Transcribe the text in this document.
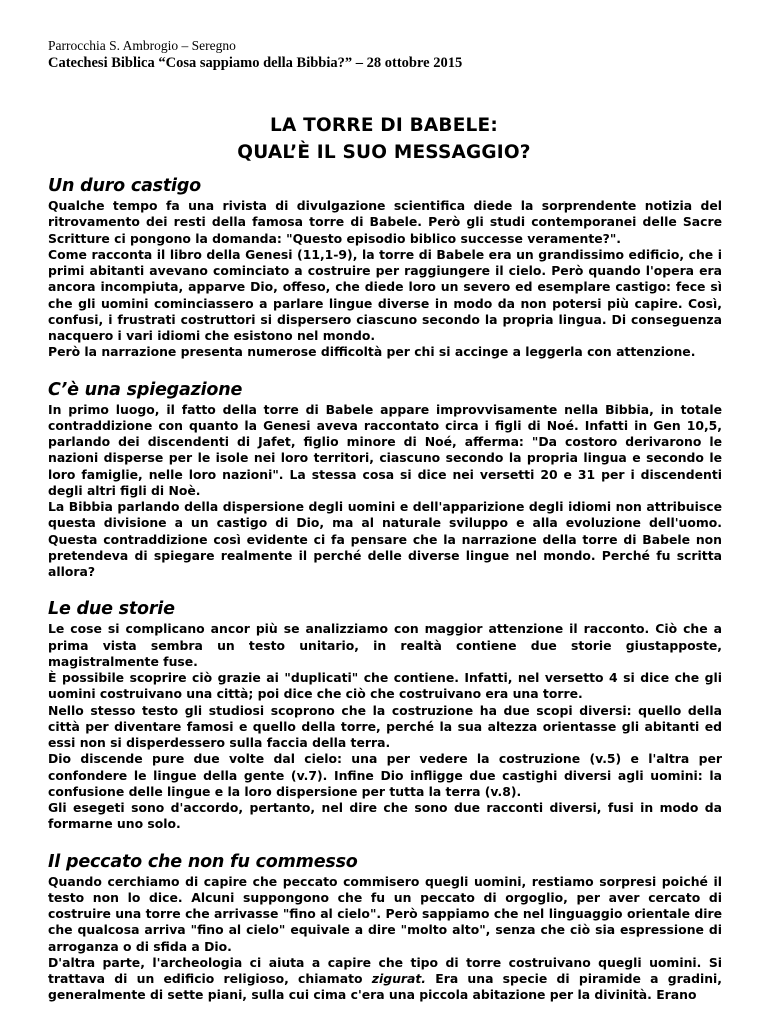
Parrocchia S. Ambrogio – Seregno
Catechesi Biblica “Cosa sappiamo della Bibbia?” – 28 ottobre 2015
LA TORRE DI BABELE:
QUAL’È IL SUO MESSAGGIO?
Un duro castigo

Qualche tempo fa una rivista di divulgazione scientifica diede la sorprendente notizia del ritrovamento dei resti della famosa torre di Babele. Però gli studi contemporanei delle Sacre Scritture ci pongono la domanda: "Questo episodio biblico successe veramente?".

Come racconta il libro della Genesi (11,1-9), la torre di Babele era un grandissimo edificio, che i primi abitanti avevano cominciato a costruire per raggiungere il cielo. Però quando l'opera era ancora incompiuta, apparve Dio, offeso, che diede loro un severo ed esemplare castigo: fece sì che gli uomini cominciassero a parlare lingue diverse in modo da non potersi più capire. Così, confusi, i frustrati costruttori si dispersero ciascuno secondo la propria lingua. Di conseguenza nacquero i vari idiomi che esistono nel mondo.

Però la narrazione presenta numerose difficoltà per chi si accinge a leggerla con attenzione.

C’è una spiegazione

In primo luogo, il fatto della torre di Babele appare improvvisamente nella Bibbia, in totale contraddizione con quanto la Genesi aveva raccontato circa i figli di Noé. Infatti in Gen 10,5, parlando dei discendenti di Jafet, figlio minore di Noé, afferma: "Da costoro derivarono le nazioni disperse per le isole nei loro territori, ciascuno secondo la propria lingua e secondo le loro famiglie, nelle loro nazioni". La stessa cosa si dice nei versetti 20 e 31 per i discendenti degli altri figli di Noè.

La Bibbia parlando della dispersione degli uomini e dell'apparizione degli idiomi non attribuisce questa divisione a un castigo di Dio, ma al naturale sviluppo e alla evoluzione dell'uomo. Questa contraddizione così evidente ci fa pensare che la narrazione della torre di Babele non pretendeva di spiegare realmente il perché delle diverse lingue nel mondo. Perché fu scritta allora?

Le due storie

Le cose si complicano ancor più se analizziamo con maggior attenzione il racconto. Ciò che a prima vista sembra un testo unitario, in realtà contiene due storie giustapposte, magistralmente fuse.

È possibile scoprire ciò grazie ai "duplicati" che contiene. Infatti, nel versetto 4 si dice che gli uomini costruivano una città; poi dice che ciò che costruivano era una torre.

Nello stesso testo gli studiosi scoprono che la costruzione ha due scopi diversi: quello della città per diventare famosi e quello della torre, perché la sua altezza orientasse gli abitanti ed essi non si disperdessero sulla faccia della terra.

Dio discende pure due volte dal cielo: una per vedere la costruzione (v.5) e l'altra per confondere le lingue della gente (v.7). Infine Dio infligge due castighi diversi agli uomini: la confusione delle lingue e la loro dispersione per tutta la terra (v.8).

Gli esegeti sono d'accordo, pertanto, nel dire che sono due racconti diversi, fusi in modo da formarne uno solo.

Il peccato che non fu commesso

Quando cerchiamo di capire che peccato commisero quegli uomini, restiamo sorpresi poiché il testo non lo dice. Alcuni suppongono che fu un peccato di orgoglio, per aver cercato di costruire una torre che arrivasse "fino al cielo". Però sappiamo che nel linguaggio orientale dire che qualcosa arriva "fino al cielo" equivale a dire "molto alto", senza che ciò sia espressione di arroganza o di sfida a Dio.

D'altra parte, l'archeologia ci aiuta a capire che tipo di torre costruivano quegli uomini. Si trattava di un edificio religioso, chiamato zigurat. Era una specie di piramide a gradini, generalmente di sette piani, sulla cui cima c'era una piccola abitazione per la divinità. Erano
